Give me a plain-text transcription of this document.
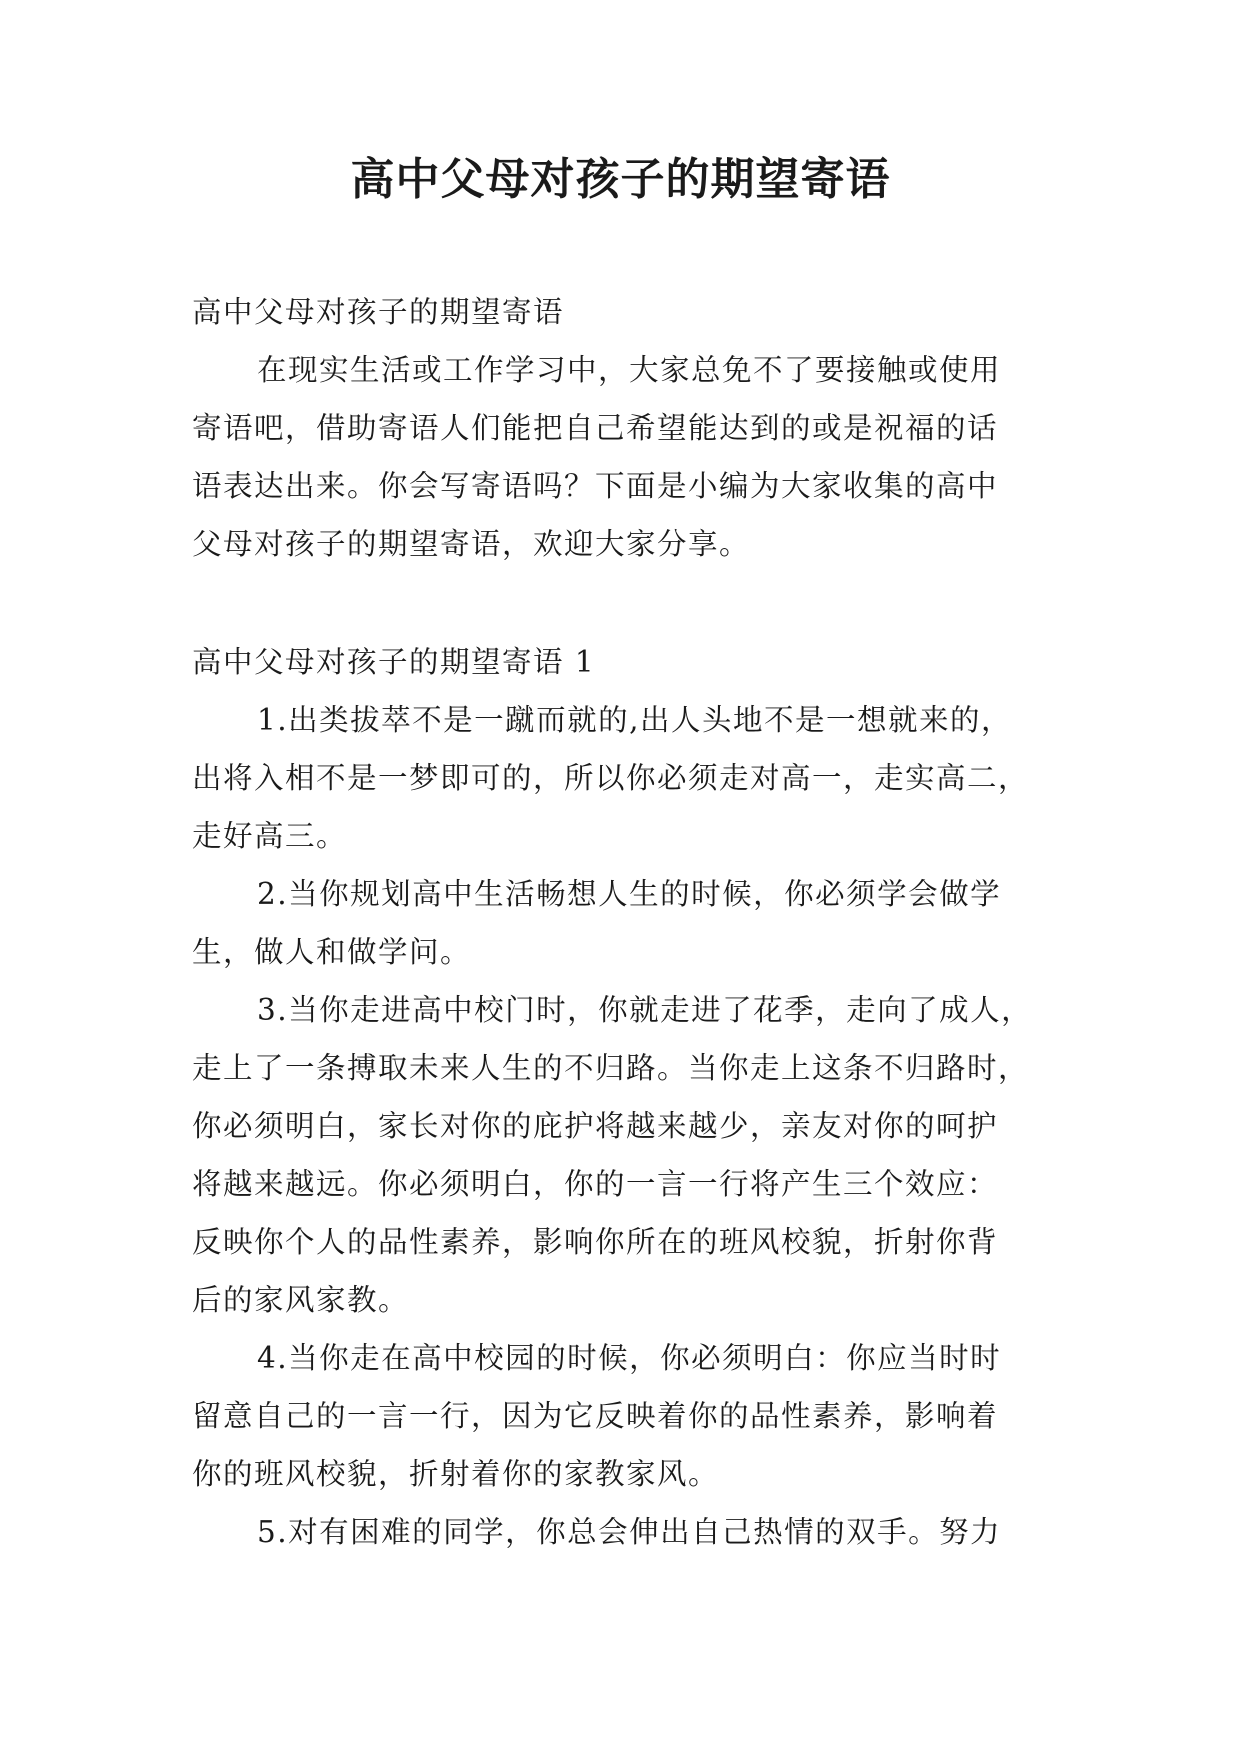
高中父母对孩子的期望寄语

高中父母对孩子的期望寄语

在现实生活或工作学习中，大家总免不了要接触或使用

寄语吧，借助寄语人们能把自己希望能达到的或是祝福的话

语表达出来。你会写寄语吗？下面是小编为大家收集的高中

父母对孩子的期望寄语，欢迎大家分享。

高中父母对孩子的期望寄语 1

1.出类拔萃不是一蹴而就的,出人头地不是一想就来的，

出将入相不是一梦即可的，所以你必须走对高一，走实高二，

走好高三。

2.当你规划高中生活畅想人生的时候，你必须学会做学

生，做人和做学问。

3.当你走进高中校门时，你就走进了花季，走向了成人，

走上了一条搏取未来人生的不归路。当你走上这条不归路时，

你必须明白，家长对你的庇护将越来越少，亲友对你的呵护

将越来越远。你必须明白，你的一言一行将产生三个效应：

反映你个人的品性素养，影响你所在的班风校貌，折射你背

后的家风家教。

4.当你走在高中校园的时候，你必须明白：你应当时时

留意自己的一言一行，因为它反映着你的品性素养，影响着

你的班风校貌，折射着你的家教家风。

5.对有困难的同学，你总会伸出自己热情的双手。努力
